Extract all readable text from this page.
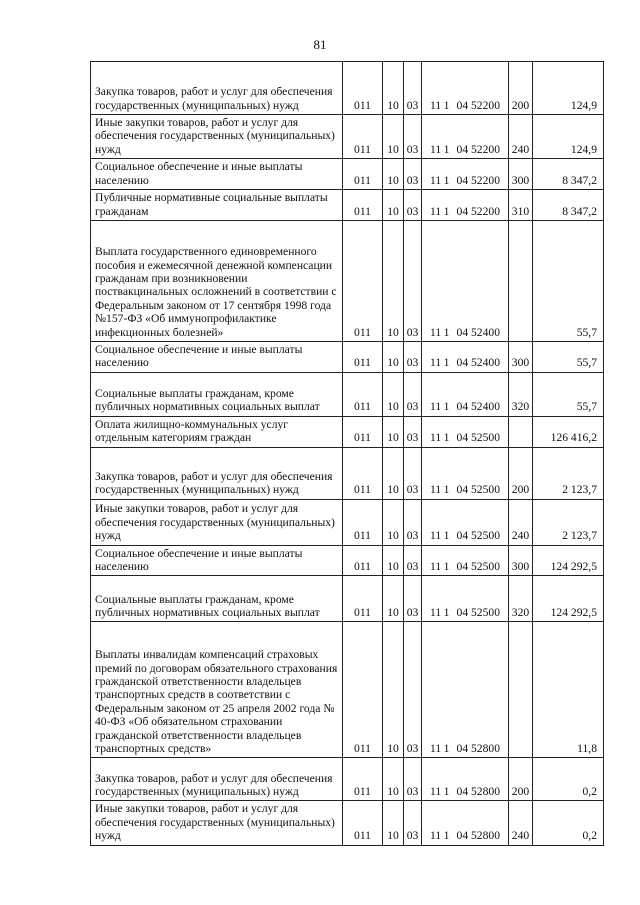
81
Закупка товаров, работ и услуг для обеспечения государственных (муниципальных) нужд	011	10	03	11 1 04 52200	200	124,9
Иные закупки товаров, работ и услуг для обеспечения государственных (муниципальных) нужд	011	10	03	11 1 04 52200	240	124,9
Социальное обеспечение и иные выплаты населению	011	10	03	11 1 04 52200	300	8 347,2
Публичные нормативные социальные выплаты гражданам	011	10	03	11 1 04 52200	310	8 347,2
Выплата государственного единовременного пособия и ежемесячной денежной компенсации гражданам при возникновении поствакцинальных осложнений в соответствии с Федеральным законом от 17 сентября 1998 года №157-ФЗ «Об иммунопрофилактике инфекционных болезней»	011	10	03	11 1 04 52400		55,7
Социальное обеспечение и иные выплаты населению	011	10	03	11 1 04 52400	300	55,7
Социальные выплаты гражданам, кроме публичных нормативных социальных выплат	011	10	03	11 1 04 52400	320	55,7
Оплата жилищно-коммунальных услуг отдельным категориям граждан	011	10	03	11 1 04 52500		126 416,2
Закупка товаров, работ и услуг для обеспечения государственных (муниципальных) нужд	011	10	03	11 1 04 52500	200	2 123,7
Иные закупки товаров, работ и услуг для обеспечения государственных (муниципальных) нужд	011	10	03	11 1 04 52500	240	2 123,7
Социальное обеспечение и иные выплаты населению	011	10	03	11 1 04 52500	300	124 292,5
Социальные выплаты гражданам, кроме публичных нормативных социальных выплат	011	10	03	11 1 04 52500	320	124 292,5
Выплаты инвалидам компенсаций страховых премий по договорам обязательного страхования гражданской ответственности владельцев транспортных средств в соответствии с Федеральным законом от 25 апреля 2002 года № 40-ФЗ «Об обязательном страховании гражданской ответственности владельцев транспортных средств»	011	10	03	11 1 04 52800		11,8
Закупка товаров, работ и услуг для обеспечения государственных (муниципальных) нужд	011	10	03	11 1 04 52800	200	0,2
Иные закупки товаров, работ и услуг для обеспечения государственных (муниципальных) нужд	011	10	03	11 1 04 52800	240	0,2
